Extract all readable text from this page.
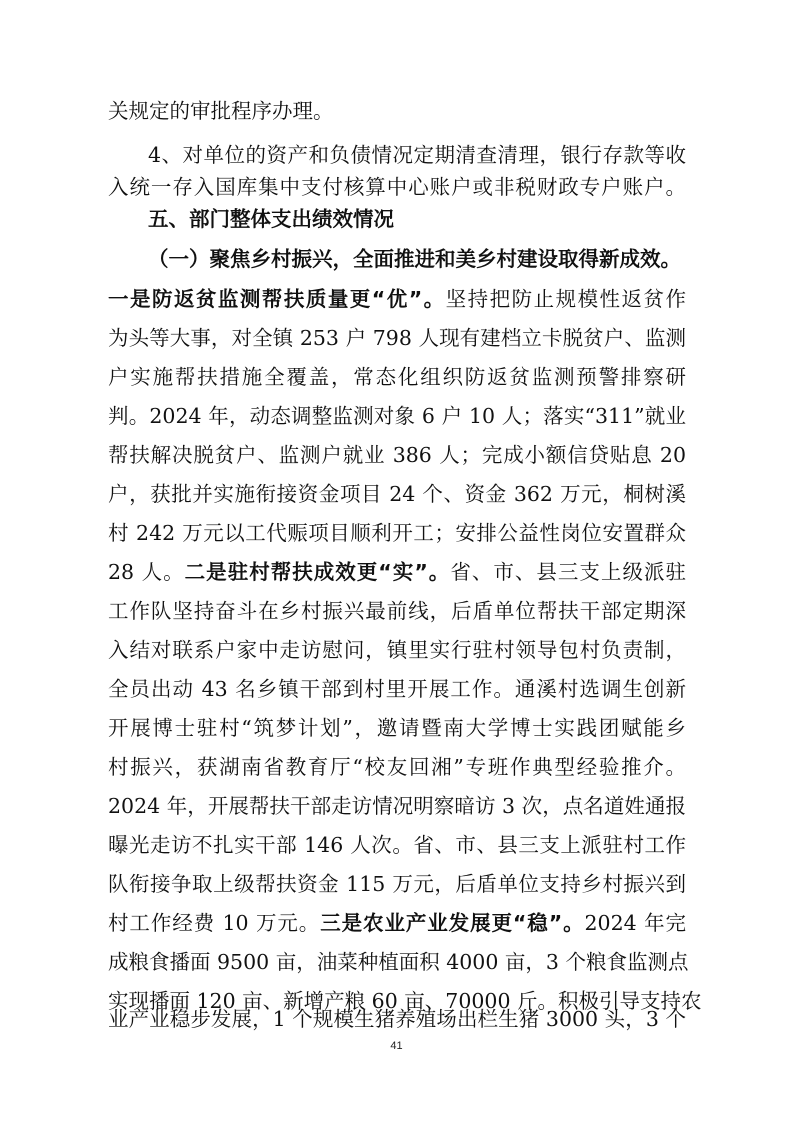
关规定的审批程序办理。
4、对单位的资产和负债情况定期清查清理，银行存款等收
入统一存入国库集中支付核算中心账户或非税财政专户账户。
五、部门整体支出绩效情况
（一）聚焦乡村振兴，全面推进和美乡村建设取得新成效。
一是防返贫监测帮扶质量更“优”。坚持把防止规模性返贫作
为头等大事，对全镇 253 户 798 人现有建档立卡脱贫户、监测
户实施帮扶措施全覆盖，常态化组织防返贫监测预警排察研
判。2024 年，动态调整监测对象 6 户 10 人；落实“311”就业
帮扶解决脱贫户、监测户就业 386 人；完成小额信贷贴息 20
户，获批并实施衔接资金项目 24 个、资金 362 万元，桐树溪
村 242 万元以工代赈项目顺利开工；安排公益性岗位安置群众
28 人。二是驻村帮扶成效更“实”。省、市、县三支上级派驻
工作队坚持奋斗在乡村振兴最前线，后盾单位帮扶干部定期深
入结对联系户家中走访慰问，镇里实行驻村领导包村负责制，
全员出动 43 名乡镇干部到村里开展工作。通溪村选调生创新
开展博士驻村“筑梦计划”，邀请暨南大学博士实践团赋能乡
村振兴，获湖南省教育厅“校友回湘”专班作典型经验推介。
2024 年，开展帮扶干部走访情况明察暗访 3 次，点名道姓通报
曝光走访不扎实干部 146 人次。省、市、县三支上派驻村工作
队衔接争取上级帮扶资金 115 万元，后盾单位支持乡村振兴到
村工作经费 10 万元。三是农业产业发展更“稳”。2024 年完
成粮食播面 9500 亩，油菜种植面积 4000 亩，3 个粮食监测点
实现播面 120 亩、新增产粮 60 亩、70000 斤。积极引导支持农
业产业稳步发展，1 个规模生猪养殖场出栏生猪 3000 头，3 个
41
